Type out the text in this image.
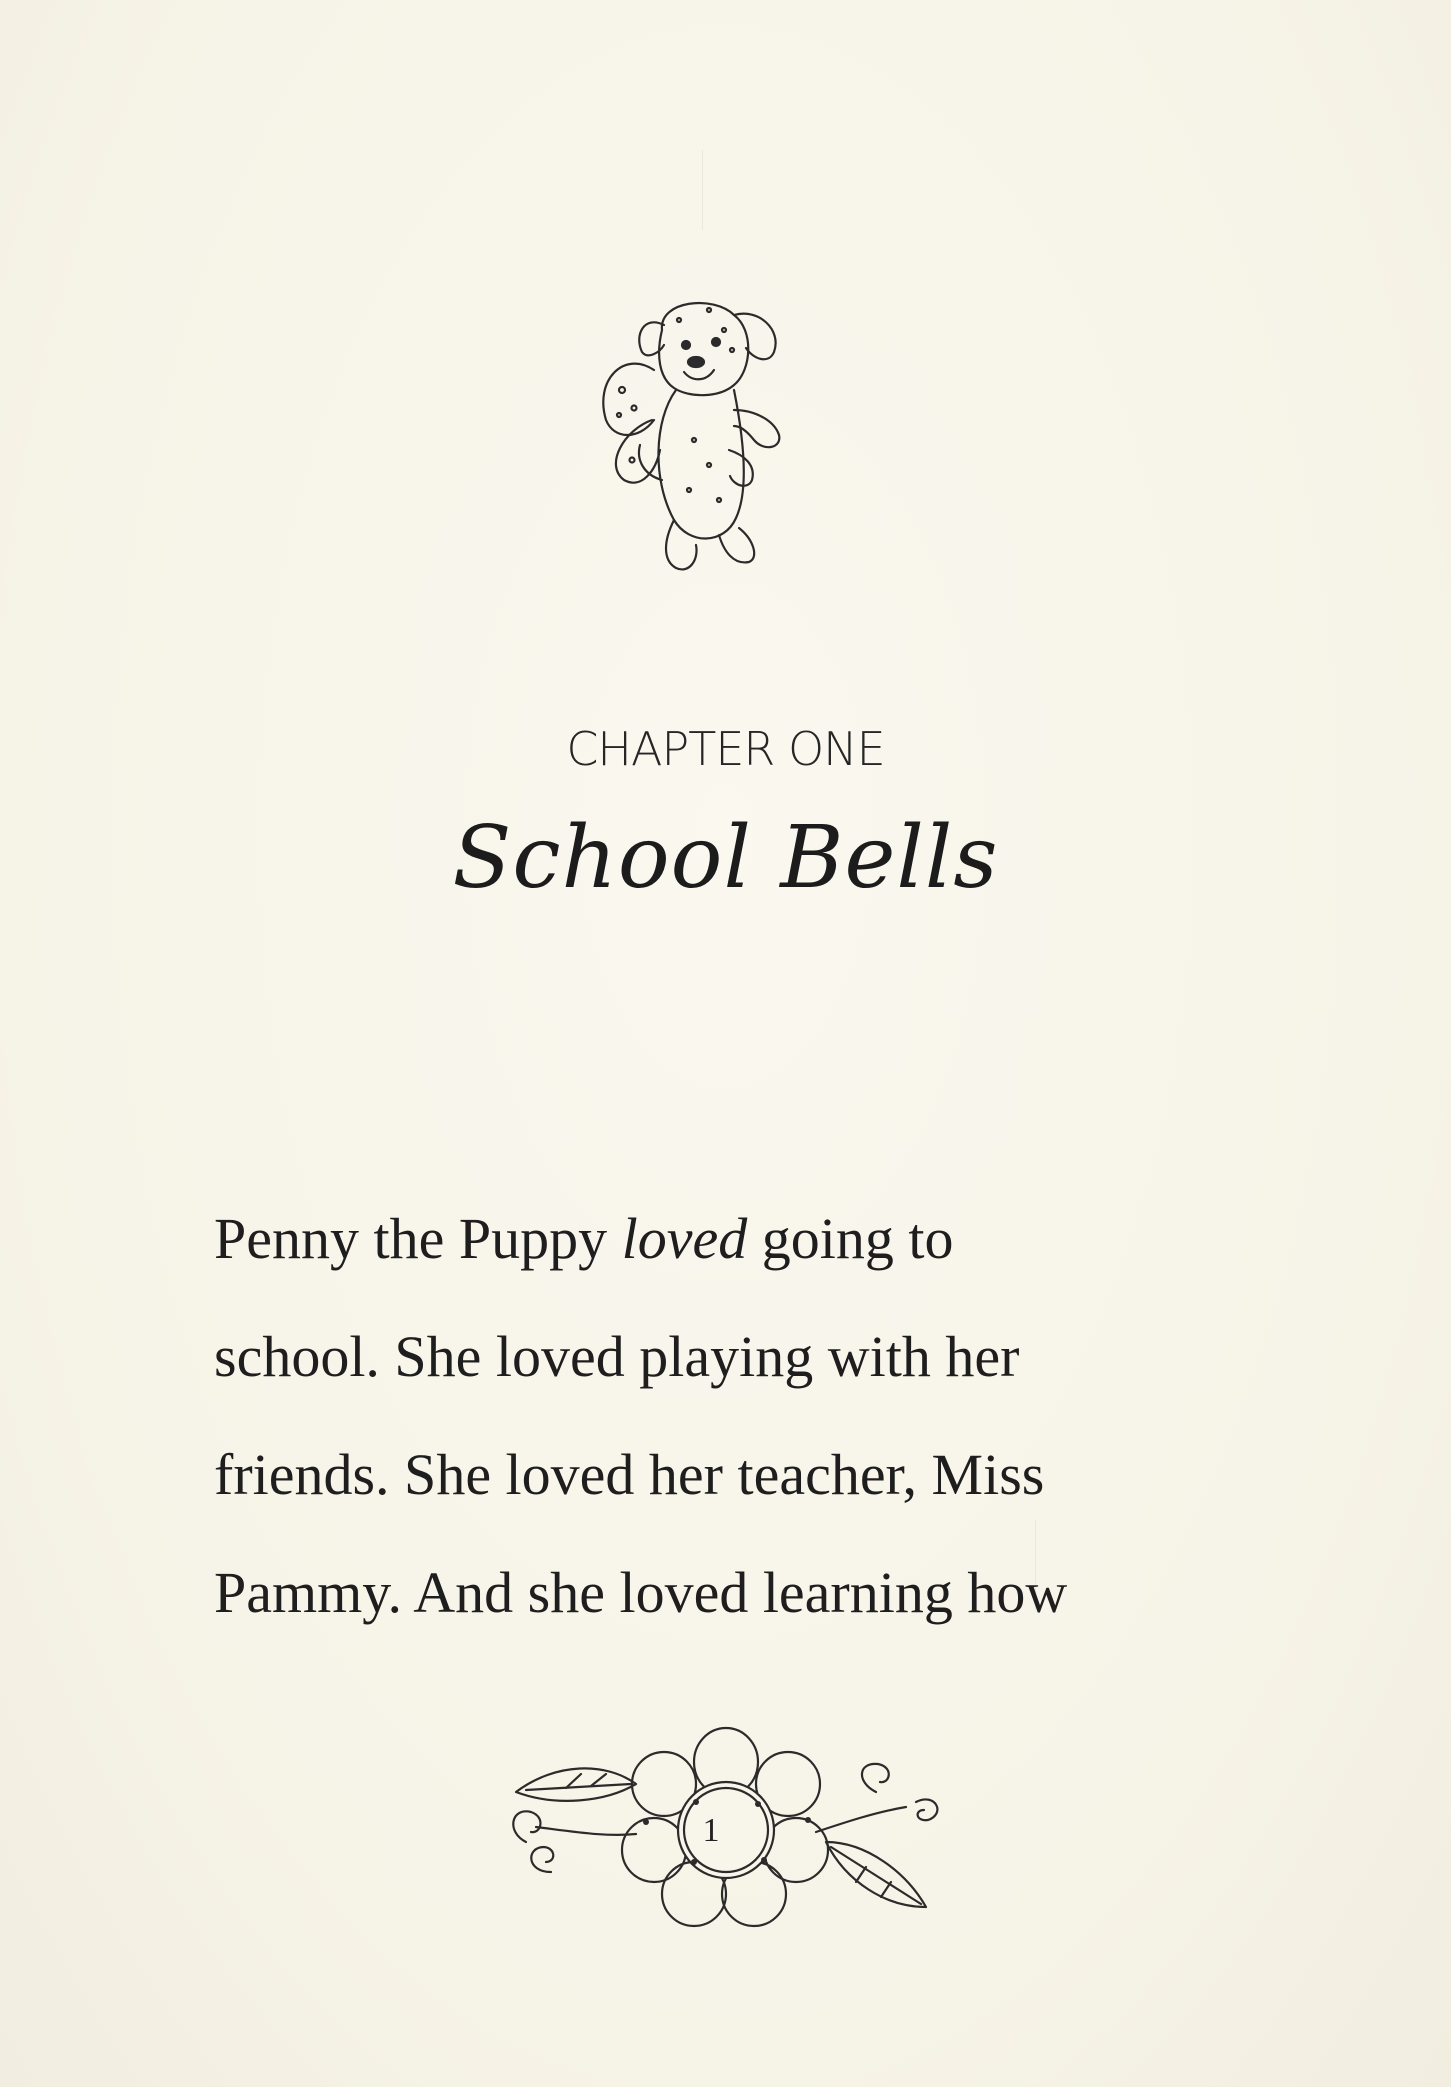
CHAPTER ONE
School Bells
Penny the Puppy loved going to
school. She loved playing with her
friends. She loved her teacher, Miss
Pammy. And she loved learning how
1
